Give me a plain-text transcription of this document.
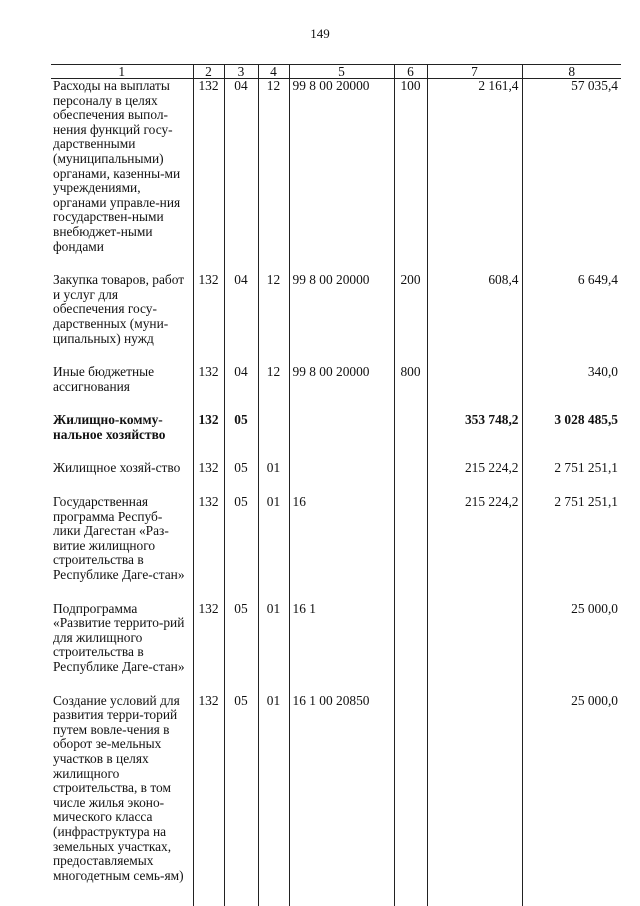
149
1	2	3	4	5	6	7	8
Расходы на выплаты персоналу в целях обеспечения выпол-нения функций госу-дарственными (муниципальными) органами, казенны-ми учреждениями, органами управле-ния государствен-ными внебюджет-ными фондами	132	04	12	99 8 00 20000	100	2 161,4	57 035,4
Закупка товаров, работ и услуг для обеспечения госу-дарственных (муни-ципальных) нужд	132	04	12	99 8 00 20000	200	608,4	6 649,4
Иные бюджетные ассигнования	132	04	12	99 8 00 20000	800		340,0
Жилищно-комму-нальное хозяйство	132	05				353 748,2	3 028 485,5
Жилищное хозяй-ство	132	05	01			215 224,2	2 751 251,1
Государственная программа Респуб-лики Дагестан «Раз-витие жилищного строительства в Республике Даге-стан»	132	05	01	16		215 224,2	2 751 251,1
Подпрограмма «Развитие террито-рий для жилищного строительства в Республике Даге-стан»	132	05	01	16 1			25 000,0
Создание условий для развития терри-торий путем вовле-чения в оборот зе-мельных участков в целях жилищного строительства, в том числе жилья эконо-мического класса (инфраструктура на земельных участках, предоставляемых многодетным семь-ям)	132	05	01	16 1 00 20850			25 000,0
